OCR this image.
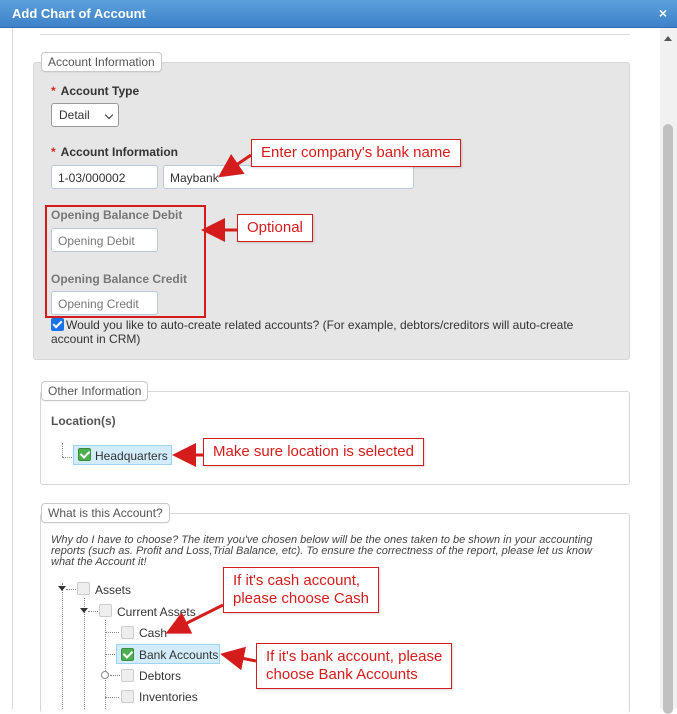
Add Chart of Account	×
Account Information
* Account Type
Detail
* Account Information
1-03/000002	Maybank
Opening Balance Debit
Opening Debit
Opening Balance Credit
Opening Credit
Would you like to auto-create related accounts? (For example, debtors/creditors will auto-create
account in CRM)
Other Information
Location(s)
Headquarters
What is this Account?
Why do I have to choose? The item you've chosen below will be the ones taken to be shown in your accounting reports (such as. Profit and Loss,Trial Balance, etc). To ensure the correctness of the report, please let us know what the Account it!
Assets
Current Assets
Cash
Bank Accounts
Debtors
Inventories
Enter company's bank name
Optional
Make sure location is selected
If it's cash account,
please choose Cash
If it's bank account, please
choose Bank Accounts
